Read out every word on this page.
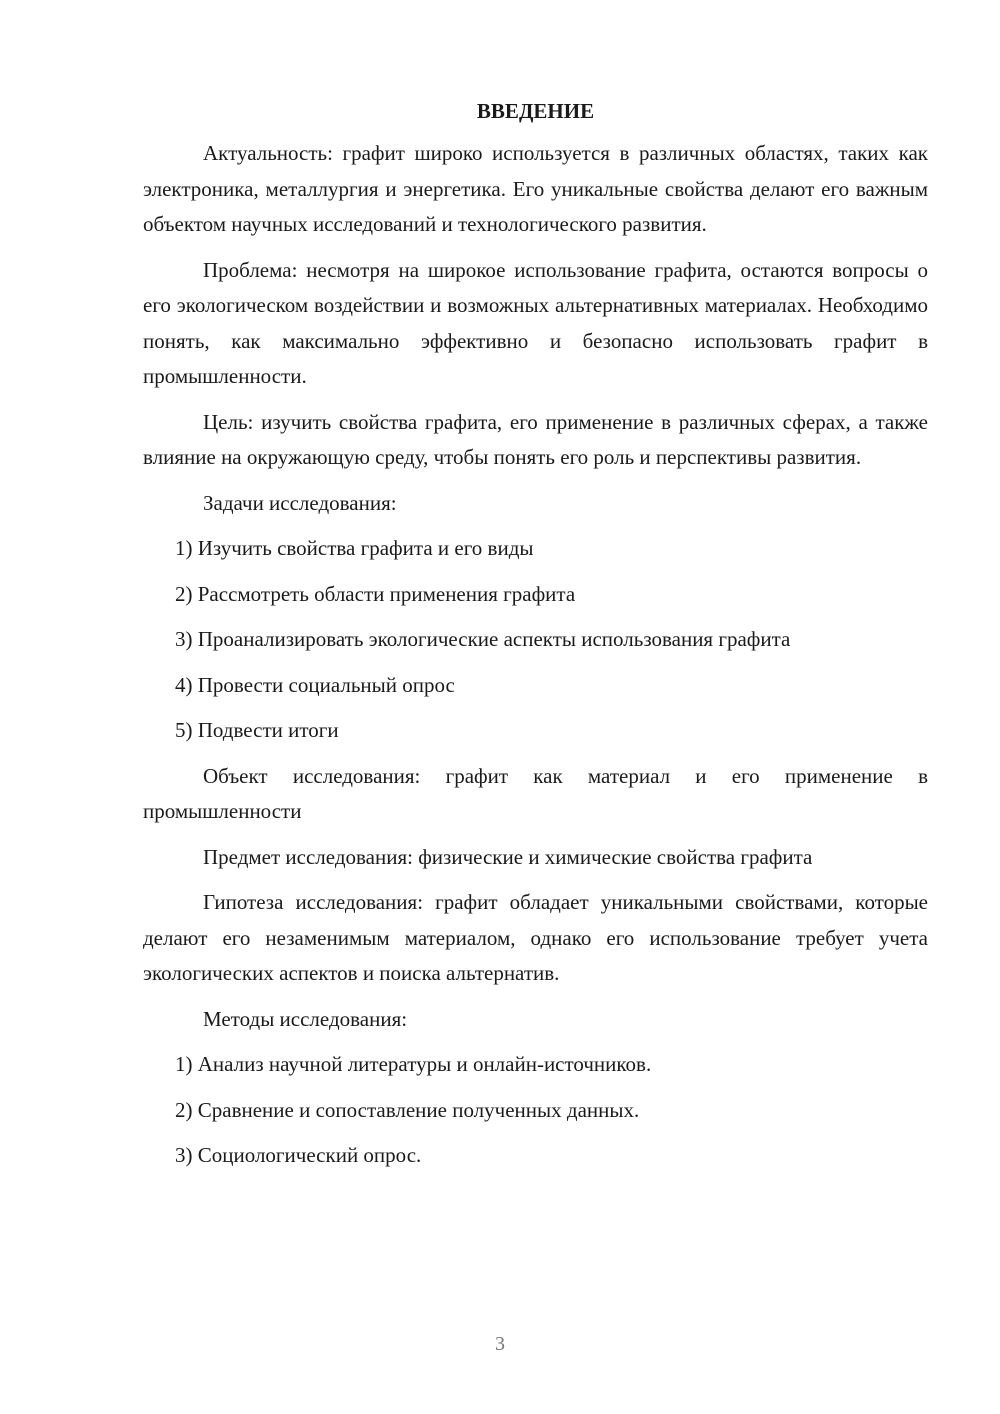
ВВЕДЕНИЕ

Актуальность: графит широко используется в различных областях, таких как электроника, металлургия и энергетика. Его уникальные свойства делают его важным объектом научных исследований и технологического развития.

Проблема: несмотря на широкое использование графита, остаются вопросы о его экологическом воздействии и возможных альтернативных материалах. Необходимо понять, как максимально эффективно и безопасно использовать графит в промышленности.

Цель: изучить свойства графита, его применение в различных сферах, а также влияние на окружающую среду, чтобы понять его роль и перспективы развития.

Задачи исследования:

1) Изучить свойства графита и его виды
2) Рассмотреть области применения графита
3) Проанализировать экологические аспекты использования графита
4) Провести социальный опрос
5) Подвести итоги

Объект исследования: графит как материал и его применение в промышленности

Предмет исследования: физические и химические свойства графита

Гипотеза исследования: графит обладает уникальными свойствами, которые делают его незаменимым материалом, однако его использование требует учета экологических аспектов и поиска альтернатив.

Методы исследования:

1) Анализ научной литературы и онлайн-источников.
2) Сравнение и сопоставление полученных данных.
3) Социологический опрос.
3
